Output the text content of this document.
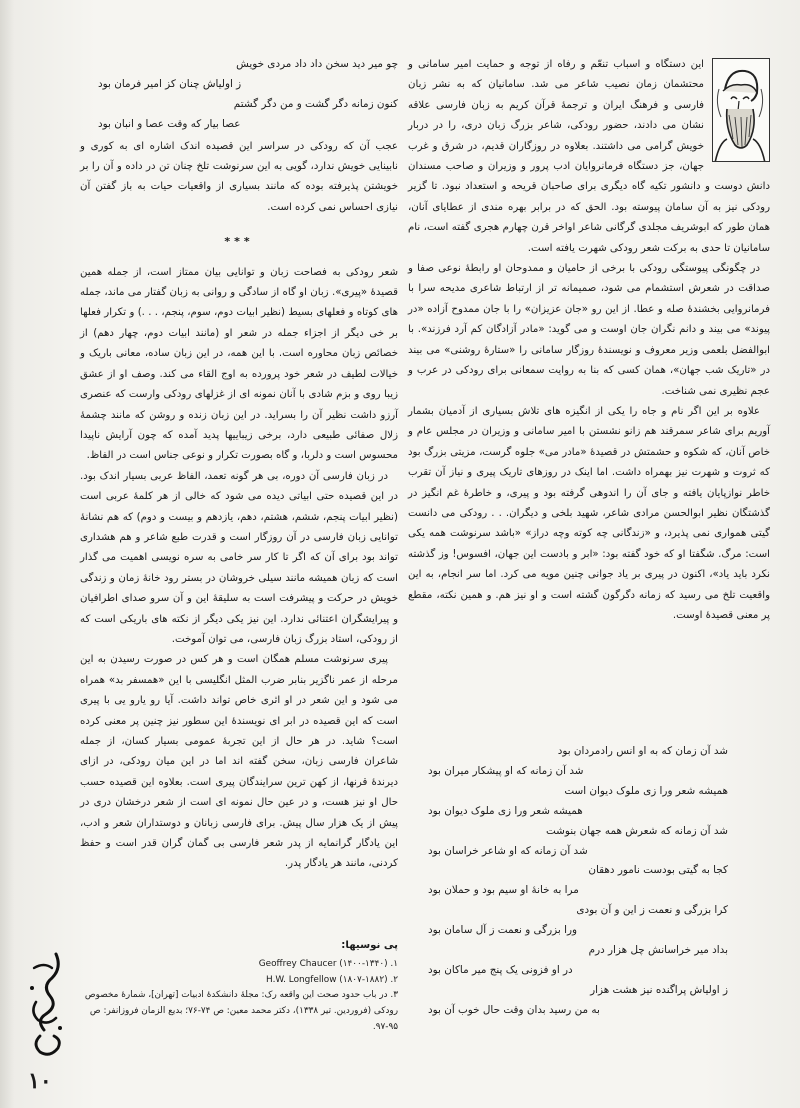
این دستگاه و اسباب تنعّم و رفاه از توجه و حمایت امیر سامانی و محتشمان زمان نصیب شاعر می شد. سامانیان که به نشر زبان فارسی و فرهنگ ایران و ترجمهٔ قرآن کریم به زبان فارسی علاقه نشان می دادند، حضور رودکی، شاعر بزرگ زبان دری، را در دربار خویش گرامی می داشتند. بعلاوه در روزگاران قدیم، در شرق و غرب جهان، جز دستگاه فرمانروایان ادب پرور و وزیران و صاحب مسندان دانش دوست و دانشور تکیه گاه دیگری برای صاحبان قریحه و استعداد نبود. تا گزیر رودکی نیز به آن سامان پیوسته بود. الحق که در برابر بهره مندی از عطایای آنان، همان طور که ابوشریف مجلدی گرگانی شاعر اواخر قرن چهارم هجری گفته است، نام سامانیان تا حدی به برکت شعر رودکی شهرت یافته است.

در چگونگی پیوستگی رودکی با برخی از حامیان و ممدوحان او رابطهٔ نوعی صفا و صداقت در شعرش استشمام می شود، صمیمانه تر از ارتباط شاعری مدیحه سرا با فرمانروایی بخشندهٔ صله و عطا. از این رو «جان عزیزان» را با جان ممدوح آزاده «در پیوند» می بیند و دانم نگران جان اوست و می گوید: «مادر آزادگان کم آرد فرزند». با ابوالفضل بلعمی وزیر معروف و نویسندهٔ روزگار سامانی را «ستارهٔ روشنی» می بیند در «تاریک شب جهان»، همان کسی که بنا به روایت سمعانی برای رودکی در عرب و عجم نظیری نمی شناخت.

علاوه بر این اگر نام و جاه را یکی از انگیزه های تلاش بسیاری از آدمیان بشمار آوریم برای شاعر سمرقند هم زانو نشستن با امیر سامانی و وزیران در مجلس عام و خاص آنان، که شکوه و حشمتش در قصیدهٔ «مادر می» جلوه گرست، مزیتی بزرگ بود که ثروت و شهرت نیز بهمراه داشت. اما اینک در روزهای تاریک پیری و نیاز آن تقرب خاطر نوازپایان یافته و جای آن را اندوهی گرفته بود و پیری، و خاطرهٔ غم انگیز در گذشتگان نظیر ابوالحسن مرادی شاعر، شهید بلخی و دیگران. . . رودکی می دانست گیتی همواری نمی پذیرد، و «زندگانی چه کوته وچه دراز» «باشد سرنوشت همه یکی است: مرگ. شگفتا او که خود گفته بود: «ابر و بادست این جهان، افسوس! وز گذشته نکرد باید یاد»، اکنون در پیری بر یاد جوانی چنین مویه می کرد. اما سر انجام، به این واقعیت تلخ می رسید که زمانه دگرگون گشته است و او نیز هم. و همین نکته، مقطع پر معنی قصیدهٔ اوست.

شد آن زمان که به او انس رادمردان بود
شد آن زمانه که او پیشکار میران بود
همیشه شعر ورا زی ملوک دیوان است
همیشه شعر ورا زی ملوک دیوان بود
شد آن زمانه که شعرش همه جهان بنوشت
شد آن زمانه که او شاعر خراسان بود
کجا به گیتی بودست نامور دهقان
مرا به خانهٔ او سیم بود و حملان بود
کرا بزرگی و نعمت ز این و آن بودی
ورا بزرگی و نعمت ز آل سامان بود
بداد میر خراسانش چل هزار درم
در او فزونی یک پنج میر ماکان بود
ز اولیاش پراگنده نیز هشت هزار
به من رسید بدان وقت حال خوب آن بود
چو میر دید سخن داد داد مردی خویش
ز اولیاش چنان کز امیر فرمان بود
کنون زمانه دگر گشت و من دگر گشتم
عصا بیار که وقت عصا و انبان بود

عجب آن که رودکی در سراسر این قصیده اندک اشاره ای به کوری و نابینایی خویش ندارد، گویی به این سرنوشت تلخ چنان تن در داده و آن را بر خویشتن پذیرفته بوده که مانند بسیاری از واقعیات حیات به باز گفتن آن نیازی احساس نمی کرده است.

***

شعر رودکی به فصاحت زبان و توانایی بیان ممتاز است، از جمله همین قصیدهٔ «پیری». زبان او گاه از سادگی و روانی به زبان گفتار می ماند، جمله های کوتاه و فعلهای بسیط (نظیر ابیات دوم، سوم، پنجم، . . .) و تکرار فعلها بر خی دیگر از اجزاء جمله در شعر او (مانند ابیات دوم، چهار دهم) از خصائص زبان محاوره است. با این همه، در این زبان ساده، معانی باریک و خیالات لطیف در شعر خود پرورده به اوج القاء می کند. وصف او از عشق زیبا روی و بزم شادی با آنان نمونه ای از غزلهای رودکی وارست که عنصری آرزو داشت نظیر آن را بسراید. در این زبان زنده و روشن که مانند چشمهٔ زلال صفائی طبیعی دارد، برخی زیباییها پدید آمده که چون آرایش ناپیدا محسوس است و دلربا، و گاه بصورت تکرار و نوعی جناس است در الفاظ.

در زبان فارسی آن دوره، بی هر گونه تعمد، الفاظ عربی بسیار اندک بود. در این قصیده حتی ابیاتی دیده می شود که خالی از هر کلمهٔ عربی است (نظیر ابیات پنجم، ششم، هشتم، دهم، یازدهم و بیست و دوم) که هم نشانهٔ توانایی زبان فارسی در آن روزگار است و قدرت طبع شاعر و هم هشداری تواند بود برای آن که اگر تا کار سر خامی به سره نویسی اهمیت می گذار است که زبان همیشه مانند سیلی خروشان در بستر رود خانهٔ زمان و زندگی خویش در حرکت و پیشرفت است به سلیقهٔ این و آن سرو صدای اطرافیان و پیرایشگران اعتنائی ندارد. این نیز یکی دیگر از نکته های باریکی است که از رودکی، استاد بزرگ زبان فارسی، می توان آموخت.

پیری سرنوشت مسلم همگان است و هر کس در صورت رسیدن به این مرحله از عمر ناگزیر بنابر ضرب المثل انگلیسی با این «همسفر بد» همراه می شود و این شعر در او اثری خاص تواند داشت. آیا رو یارو یی با پیری است که این قصیده در ابر ای نویسندهٔ این سطور نیز چنین پر معنی کرده است؟ شاید. در هر حال از این تجربهٔ عمومی بسیار کسان، از جمله شاعران فارسی زبان، سخن گفته اند اما در این میان رودکی، در ازای دیرندهٔ قرنها، از کهن ترین سرایندگان پیری است. بعلاوه این قصیده حسب حال او نیز هست، و در عین حال نمونه ای است از شعر درخشان دری در پیش از یک هزار سال پیش. برای فارسی زبانان و دوستداران شعر و ادب، این یادگار گرانمایه از پدر شعر فارسی بی گمان گران قدر است و حفظ کردنی، مانند هر یادگار پدر.

پی نوسیها:
۱. Geoffrey Chaucer (۱۴۰۰-۱۳۴۰)
۲. H.W. Longfellow (۱۸۰۷-۱۸۸۲)
۳. در باب حدود صحت این واقعه رک: مجلهٔ دانشکدهٔ ادبیات [تهران]، شمارهٔ مخصوص رودکی (فروردین. تیر ۱۳۳۸)، دکتر محمد معین: ص ۷۴-۷۶؛ بدیع الزمان فروزانفر: ص ۹۵-۹۷.
۱۰
